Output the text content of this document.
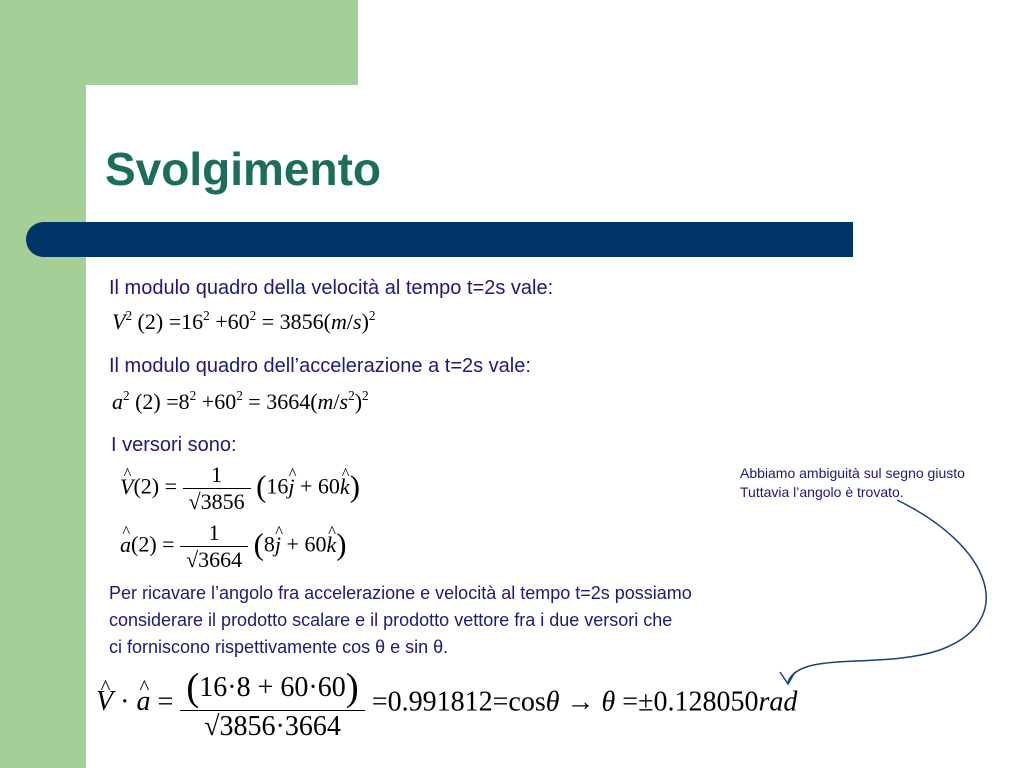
Svolgimento
Il modulo quadro della velocità al tempo t=2s vale:
$V^2$ $(2) =16^2 +60^2 = 3856(m/s)^2$
Il modulo quadro dell’accelerazione a t=2s vale:
$a^2$ $(2) =8^2 +60^2 = 3664(m/s^2)^2$
I versori sono:
^ $V(2) = \frac{1}{√3856}$ (16^ j + 60^ k)
^ $a(2) = \frac{1}{√3664}$ (8^ j + 60^ k)
Abbiamo ambiguità sul segno giusto
Tuttavia l’angolo è trovato.
Per ricavare l’angolo fra accelerazione e velocità al tempo t=2s possiamo
considerare il prodotto scalare e il prodotto vettore fra i due versori che
ci forniscono rispettivamente cos θ e sin θ.
^ V · ^ $a = \frac{(16\cdot 8 + 60\cdot 60)}{√3856\cdot 3664} =0.991812=\cos\theta \to \theta =\pm 0.128050rad$
